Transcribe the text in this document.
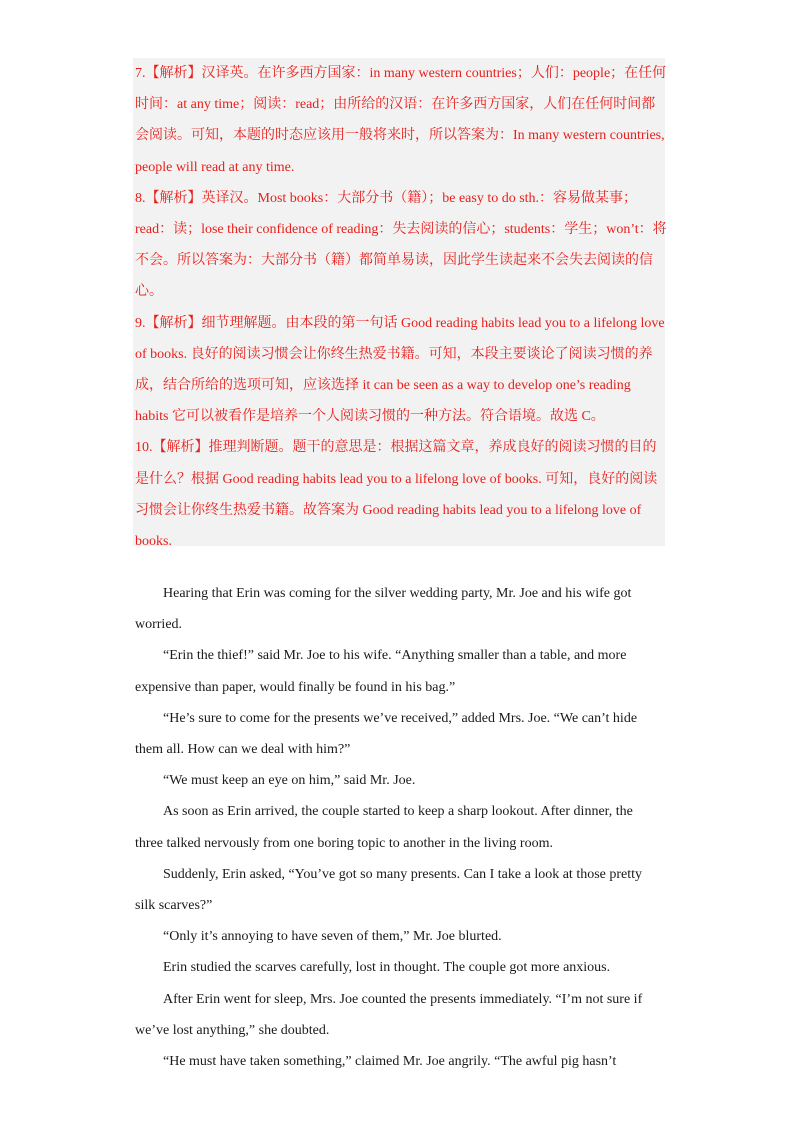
7.【解析】汉译英。在许多西方国家：in many western countries；人们：people；在任何时间：at any time；阅读：read；由所给的汉语：在许多西方国家，人们在任何时间都会阅读。可知，本题的时态应该用一般将来时，所以答案为：In many western countries, people will read at any time.

8.【解析】英译汉。Most books：大部分书（籍）；be easy to do sth.：容易做某事；read：读；lose their confidence of reading：失去阅读的信心；students：学生；won’t：将不会。所以答案为：大部分书（籍）都简单易读，因此学生读起来不会失去阅读的信心。

9.【解析】细节理解题。由本段的第一句话 Good reading habits lead you to a lifelong love of books. 良好的阅读习惯会让你终生热爱书籍。可知，本段主要谈论了阅读习惯的养成，结合所给的选项可知，应该选择 it can be seen as a way to develop one’s reading habits 它可以被看作是培养一个人阅读习惯的一种方法。符合语境。故选 C。

10.【解析】推理判断题。题干的意思是：根据这篇文章，养成良好的阅读习惯的目的是什么？根据 Good reading habits lead you to a lifelong love of books. 可知，良好的阅读习惯会让你终生热爱书籍。故答案为 Good reading habits lead you to a lifelong love of books.

Hearing that Erin was coming for the silver wedding party, Mr. Joe and his wife got worried.

“Erin the thief!” said Mr. Joe to his wife. “Anything smaller than a table, and more expensive than paper, would finally be found in his bag.”

“He’s sure to come for the presents we’ve received,” added Mrs. Joe. “We can’t hide them all. How can we deal with him?”

“We must keep an eye on him,” said Mr. Joe.

As soon as Erin arrived, the couple started to keep a sharp lookout. After dinner, the three talked nervously from one boring topic to another in the living room.

Suddenly, Erin asked, “You’ve got so many presents. Can I take a look at those pretty silk scarves?”

“Only it’s annoying to have seven of them,” Mr. Joe blurted.

Erin studied the scarves carefully, lost in thought. The couple got more anxious.

After Erin went for sleep, Mrs. Joe counted the presents immediately. “I’m not sure if we’ve lost anything,” she doubted.

“He must have taken something,” claimed Mr. Joe angrily. “The awful pig hasn’t
